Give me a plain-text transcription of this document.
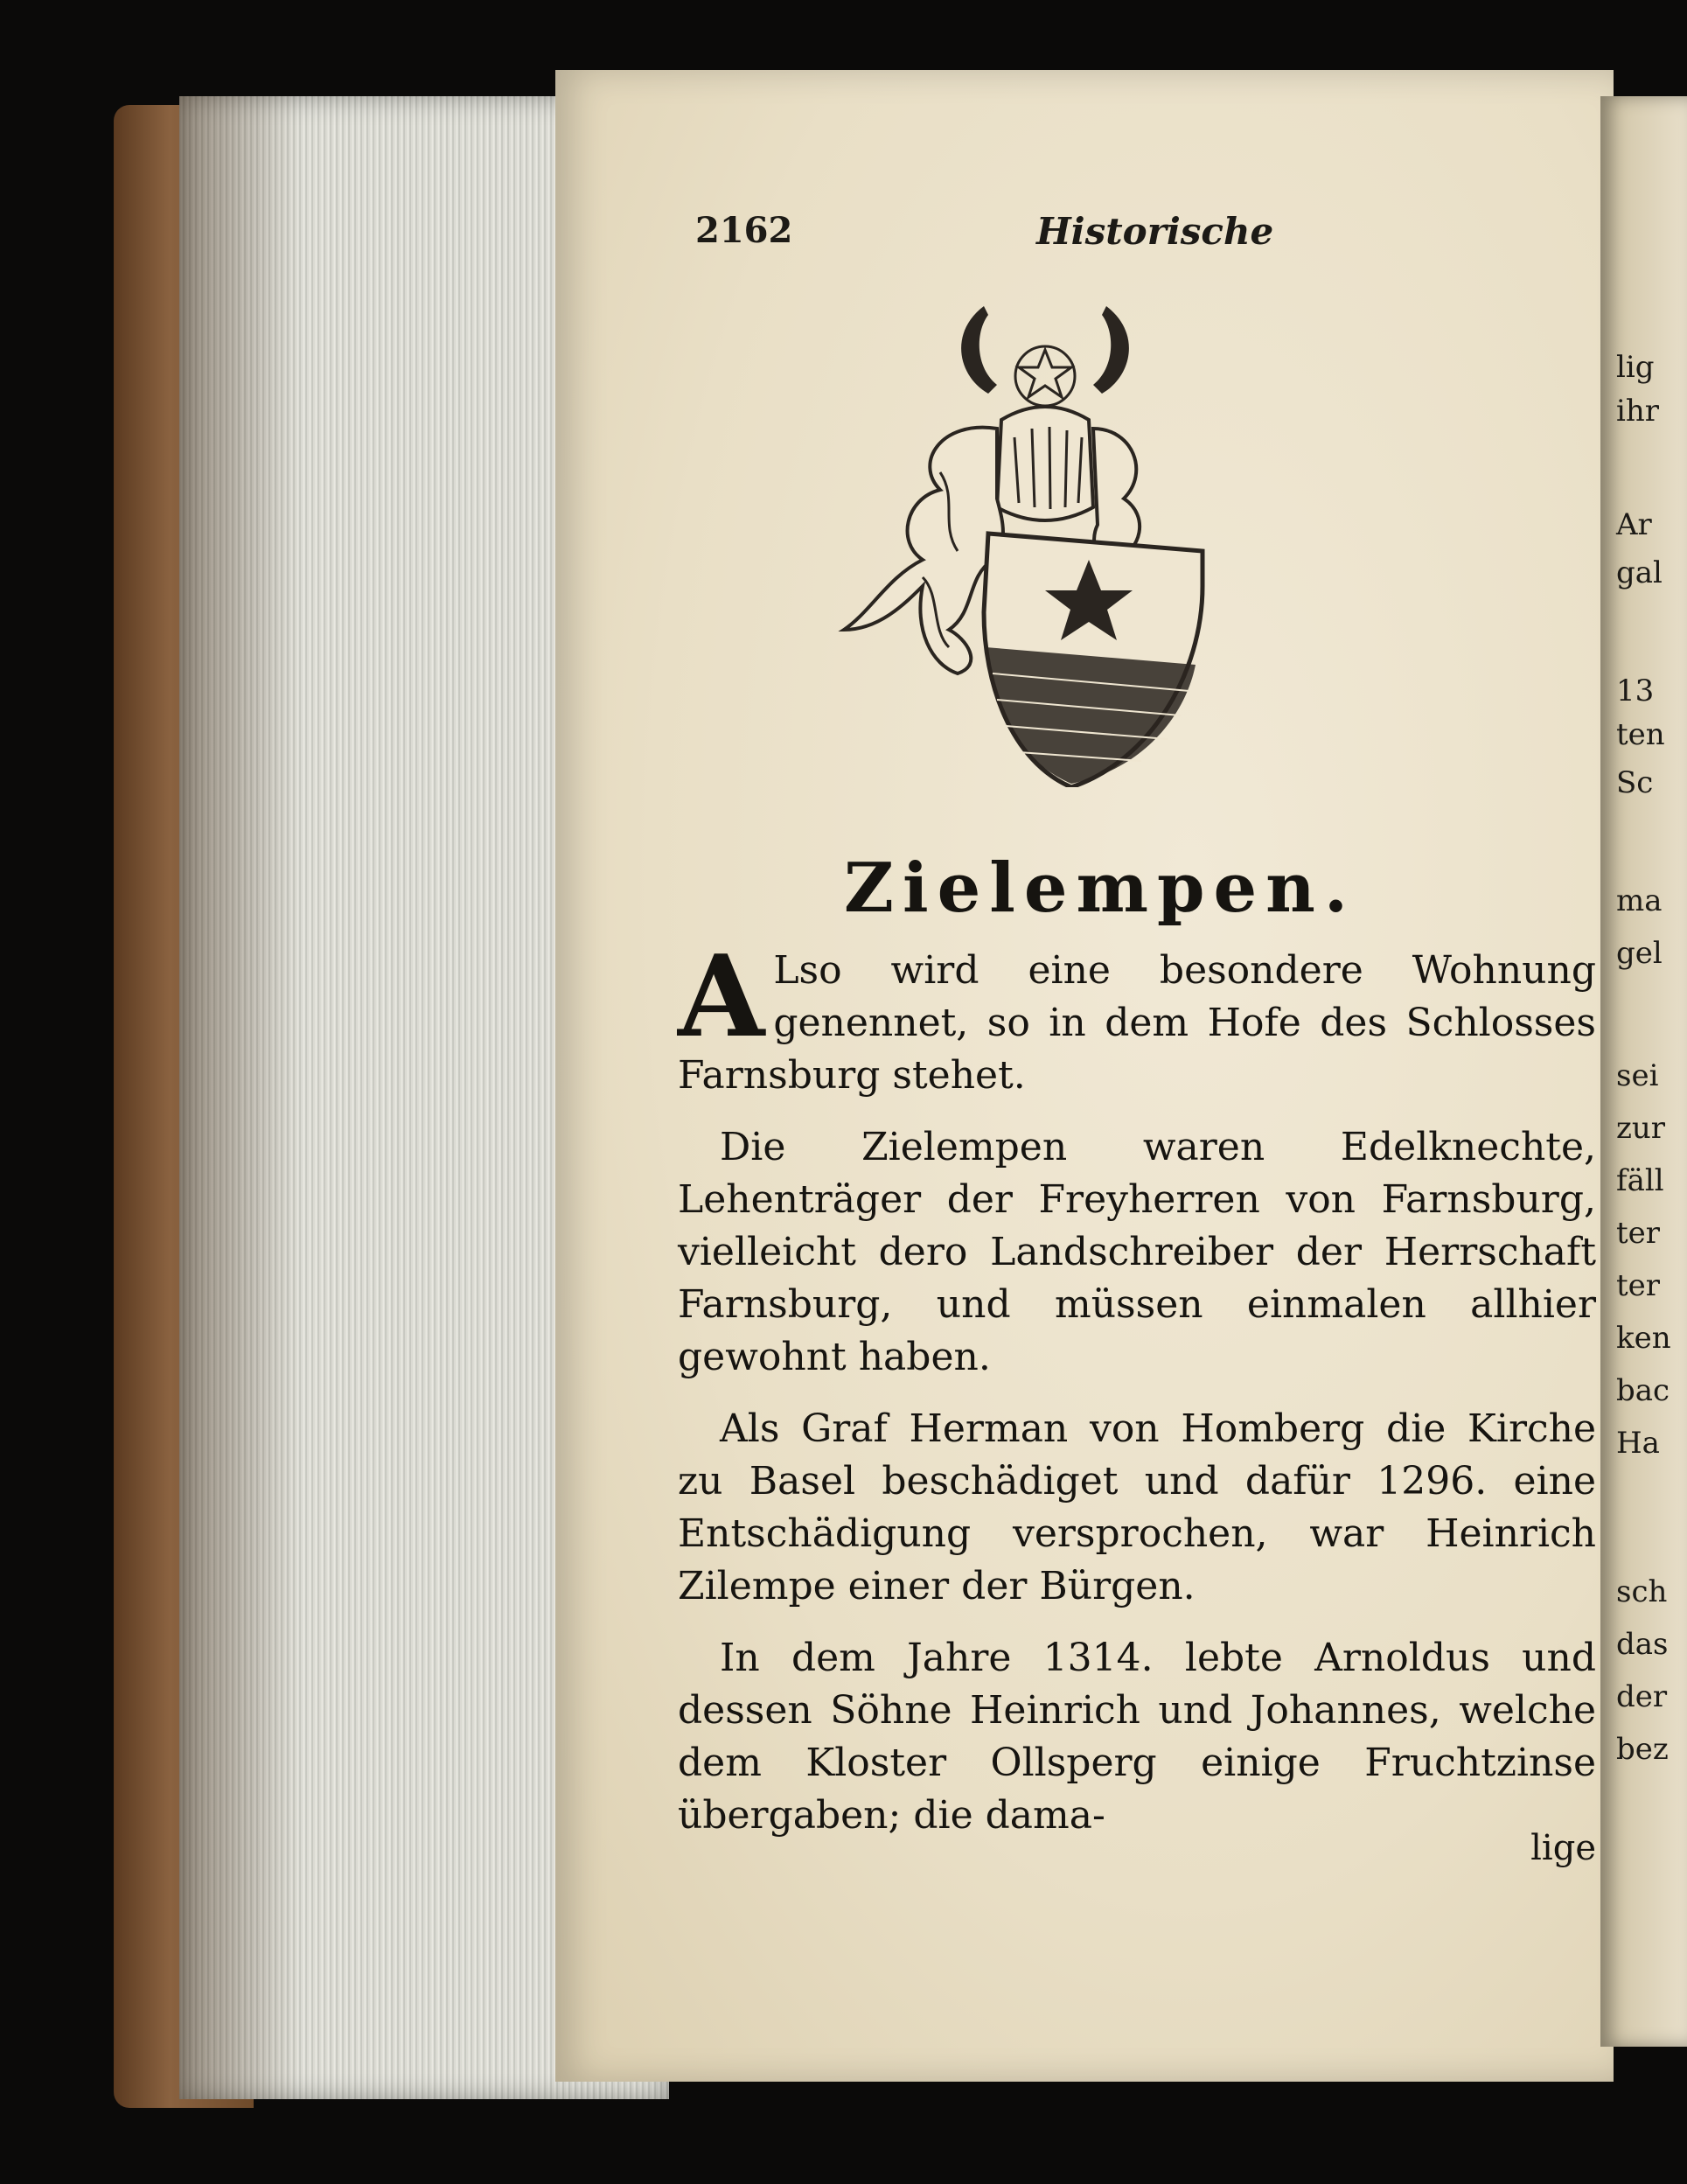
2162	Historische
Zielempen.

A Lso wird eine besondere Wohnung genennet, so in dem Hofe des Schlosses Farnsburg stehet.

Die Zielempen waren Edelknechte, Lehenträger der Freyherren von Farnsburg, vielleicht dero Landschreiber der Herrschaft Farnsburg, und müssen einmalen allhier gewohnt haben.

Als Graf Herman von Homberg die Kirche zu Basel beschädiget und dafür 1296. eine Entschädigung versprochen, war Heinrich Zilempe einer der Bürgen.

In dem Jahre 1314. lebte Arnoldus und dessen Söhne Heinrich und Johannes, welche dem Kloster Ollsperg einige Fruchtzinse übergaben; die dama-

lige
lig
ihr
Ar
gal
13
ten
Sc
ma
gel
sei
zur
fäll
ter
ter
ken
bac
Ha
sch
das
der
bez
